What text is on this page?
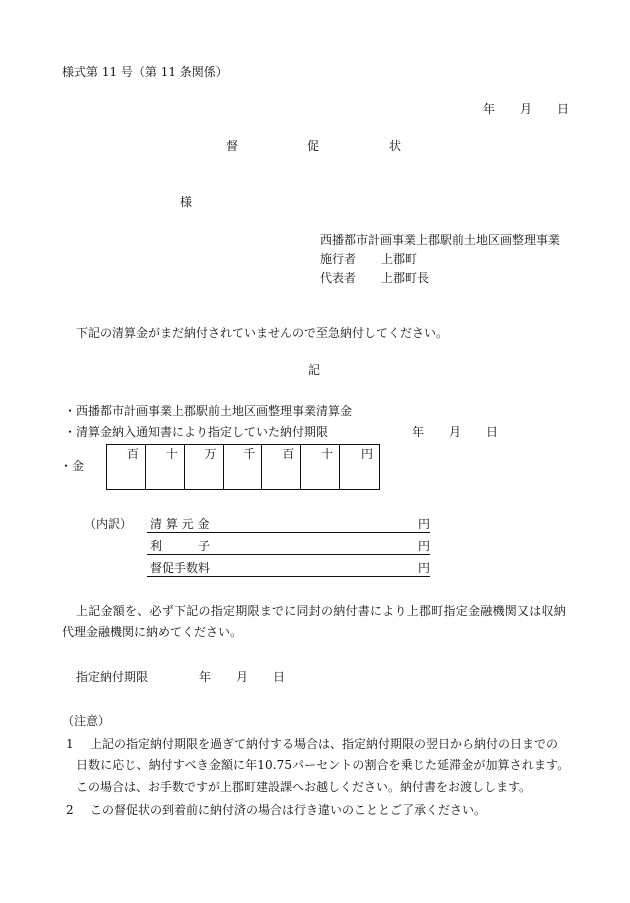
様式第 11 号（第 11 条関係）
年 月 日
督	促	状
様
西播都市計画事業上郡駅前土地区画整理事業
施行者 上郡町
代表者 上郡町長
下記の清算金がまだ納付されていませんので至急納付してください。
記
・西播都市計画事業上郡駅前土地区画整理事業清算金
・清算金納入通知書により指定していた納付期限	年 月 日
・金
百	十	万	千	百	十	円
（内訳） 清 算 元 金	円
利　　　子	円
督促手数料	円
上記金額を、必ず下記の指定期限までに同封の納付書により上郡町指定金融機関又は収納
代理金融機関に納めてください。
指定納付期限	年 月 日
（注意）
1 上記の指定納付期限を過ぎて納付する場合は、指定納付期限の翌日から納付の日までの
日数に応じ、納付すべき金額に年10.75パーセントの割合を乗じた延滞金が加算されます。
この場合は、お手数ですが上郡町建設課へお越しください。納付書をお渡しします。
2 この督促状の到着前に納付済の場合は行き違いのこととご了承ください。
